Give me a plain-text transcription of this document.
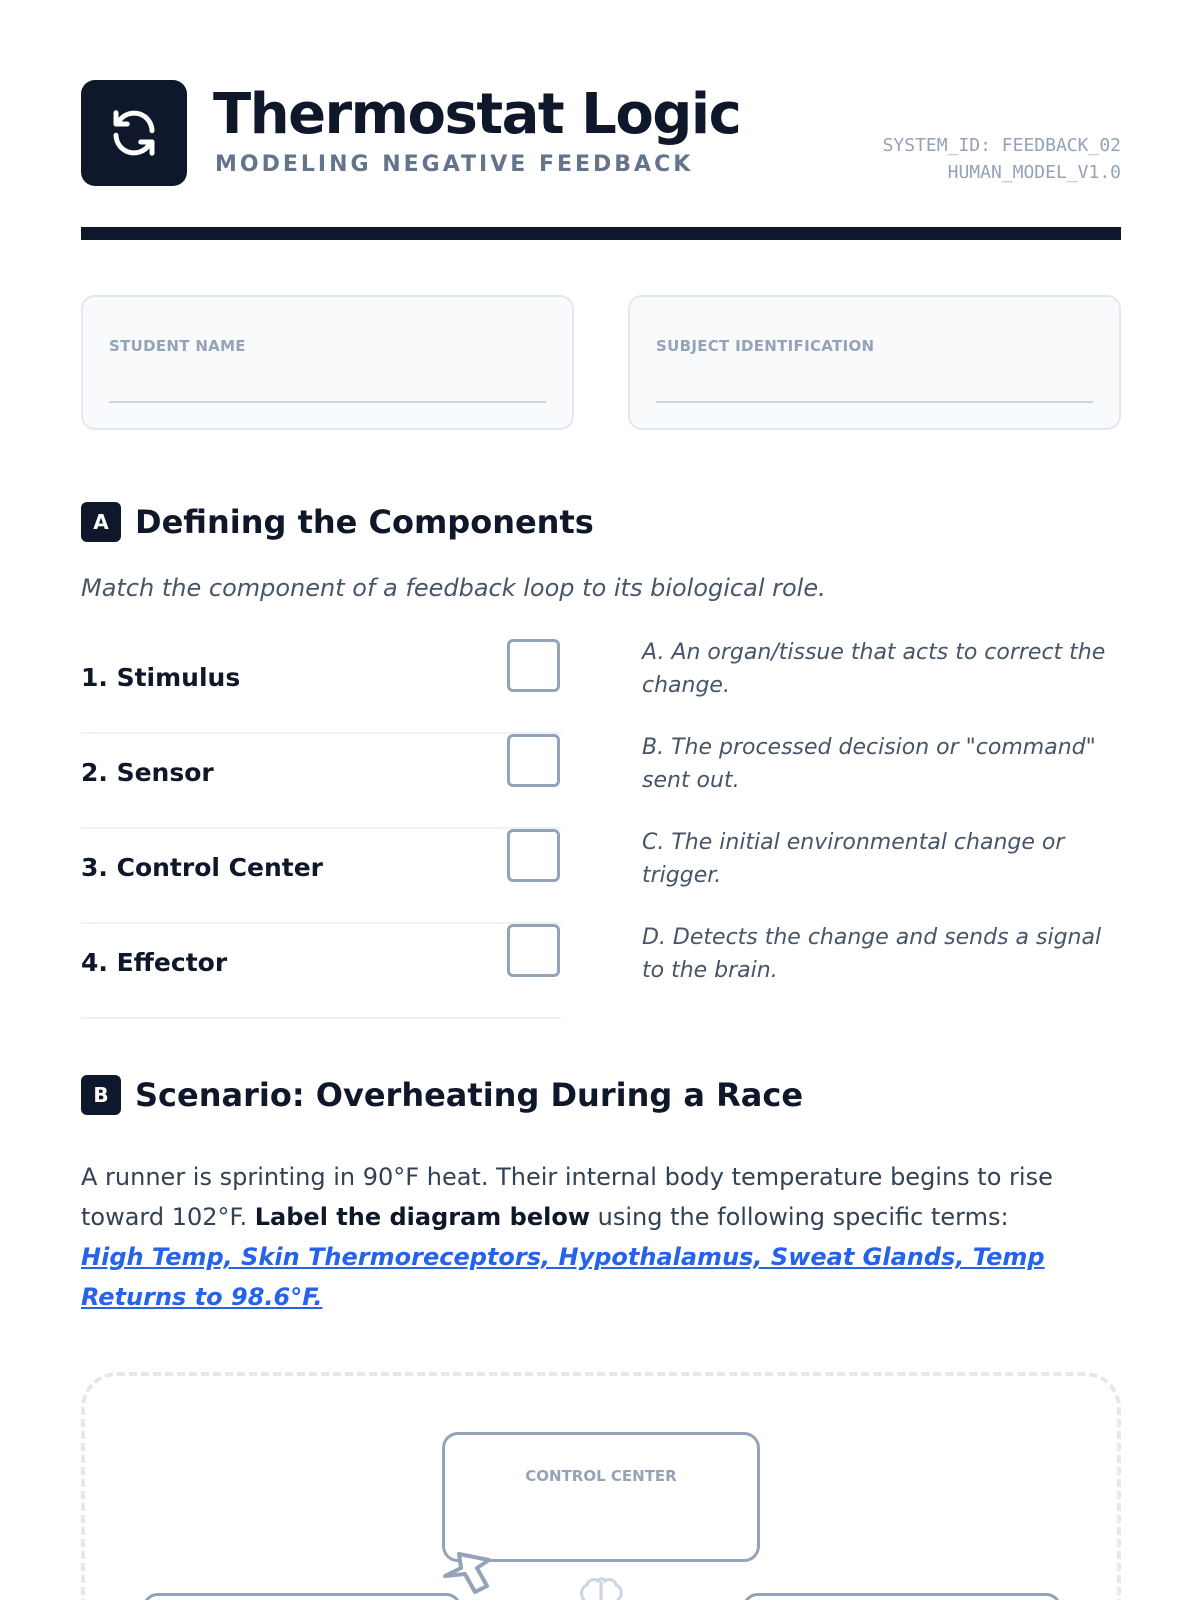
Thermostat Logic
MODELING NEGATIVE FEEDBACK
SYSTEM_ID: FEEDBACK_02
HUMAN_MODEL_V1.0
STUDENT NAME	SUBJECT IDENTIFICATION
A Defining the Components
Match the component of a feedback loop to its biological role.
1. Stimulus
2. Sensor
3. Control Center
4. Effector
A. An organ/tissue that acts to correct the change.
B. The processed decision or "command" sent out.
C. The initial environmental change or trigger.
D. Detects the change and sends a signal to the brain.
B Scenario: Overheating During a Race
A runner is sprinting in 90°F heat. Their internal body temperature begins to rise toward 102°F. Label the diagram below using the following specific terms: High Temp, Skin Thermoreceptors, Hypothalamus, Sweat Glands, Temp Returns to 98.6°F.
CONTROL CENTER
